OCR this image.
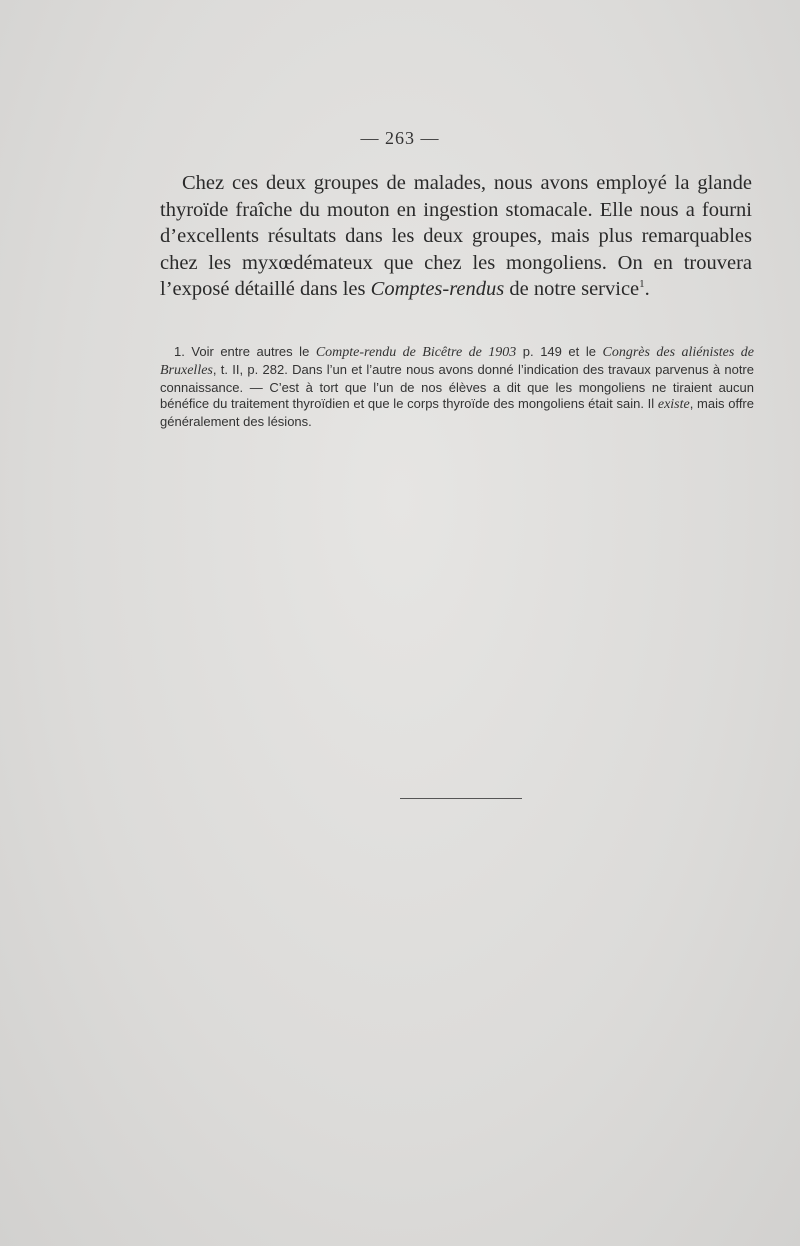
— 263 —

Chez ces deux groupes de malades, nous avons employé la glande thyroïde fraîche du mouton en ingestion stomacale. Elle nous a fourni d’excellents résultats dans les deux groupes, mais plus remarquables chez les myxœdémateux que chez les mongoliens. On en trouvera l’exposé détaillé dans les Comptes-rendus de notre service$^1$.

1. Voir entre autres le Compte-rendu de Bicêtre de 1903 p. 149 et le Congrès des aliénistes de Bruxelles, t. II, p. 282. Dans l’un et l’autre nous avons donné l’indication des travaux parvenus à notre connaissance. — C’est à tort que l’un de nos élèves a dit que les mongoliens ne tiraient aucun bénéfice du traitement thyroïdien et que le corps thyroïde des mongoliens était sain. Il existe, mais offre généralement des lésions.
